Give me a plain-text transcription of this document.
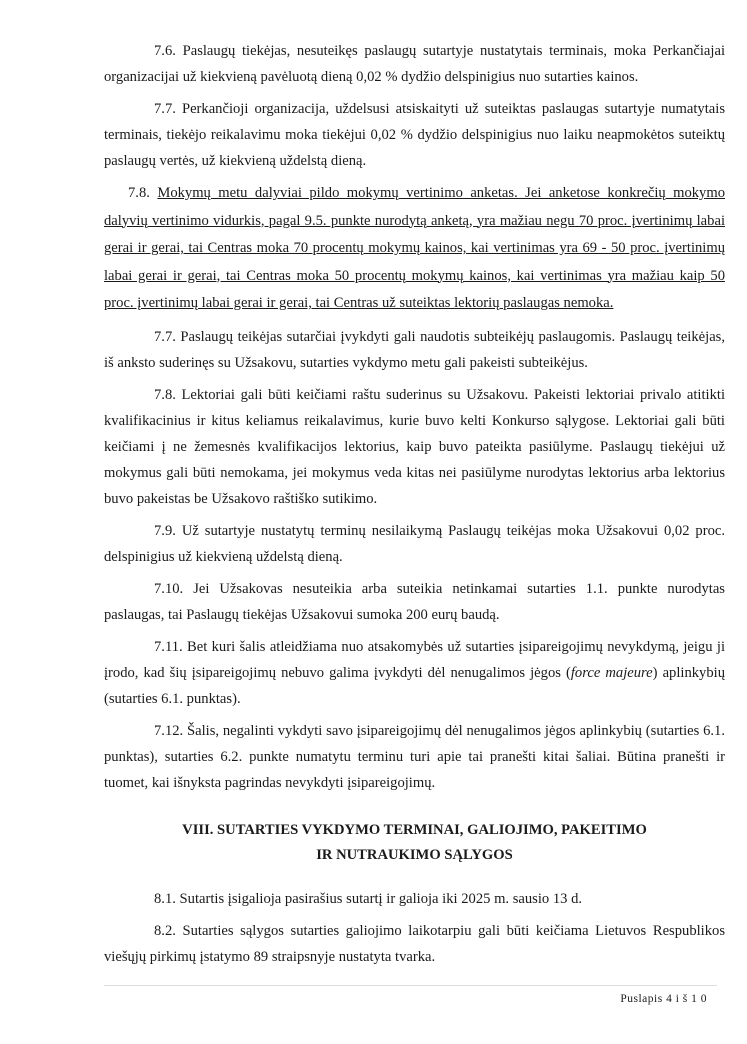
7.6. Paslaugų tiekėjas, nesuteikęs paslaugų sutartyje nustatytais terminais, moka Perkančiajai organizacijai už kiekvieną pavėluotą dieną 0,02 % dydžio delspinigius nuo sutarties kainos.

7.7. Perkančioji organizacija, uždelsusi atsiskaityti už suteiktas paslaugas sutartyje numatytais terminais, tiekėjo reikalavimu moka tiekėjui 0,02 % dydžio delspinigius nuo laiku neapmokėtos suteiktų paslaugų vertės, už kiekvieną uždelstą dieną.

7.8. Mokymų metu dalyviai pildo mokymų vertinimo anketas. Jei anketose konkrečių mokymo dalyvių vertinimo vidurkis, pagal 9.5. punkte nurodytą anketą, yra mažiau negu 70 proc. įvertinimų labai gerai ir gerai, tai Centras moka 70 procentų mokymų kainos, kai vertinimas yra 69 - 50 proc. įvertinimų labai gerai ir gerai, tai Centras moka 50 procentų mokymų kainos, kai vertinimas yra mažiau kaip 50 proc. įvertinimų labai gerai ir gerai, tai Centras už suteiktas lektorių paslaugas nemoka.

7.7. Paslaugų teikėjas sutarčiai įvykdyti gali naudotis subteikėjų paslaugomis. Paslaugų teikėjas, iš anksto suderinęs su Užsakovu, sutarties vykdymo metu gali pakeisti subteikėjus.

7.8. Lektoriai gali būti keičiami raštu suderinus su Užsakovu. Pakeisti lektoriai privalo atitikti kvalifikacinius ir kitus keliamus reikalavimus, kurie buvo kelti Konkurso sąlygose. Lektoriai gali būti keičiami į ne žemesnės kvalifikacijos lektorius, kaip buvo pateikta pasiūlyme. Paslaugų tiekėjui už mokymus gali būti nemokama, jei mokymus veda kitas nei pasiūlyme nurodytas lektorius arba lektorius buvo pakeistas be Užsakovo raštiško sutikimo.

7.9. Už sutartyje nustatytų terminų nesilaikymą Paslaugų teikėjas moka Užsakovui 0,02 proc. delspinigius už kiekvieną uždelstą dieną.

7.10. Jei Užsakovas nesuteikia arba suteikia netinkamai sutarties 1.1. punkte nurodytas paslaugas, tai Paslaugų tiekėjas Užsakovui sumoka 200 eurų baudą.

7.11. Bet kuri šalis atleidžiama nuo atsakomybės už sutarties įsipareigojimų nevykdymą, jeigu ji įrodo, kad šių įsipareigojimų nebuvo galima įvykdyti dėl nenugalimos jėgos (force majeure) aplinkybių (sutarties 6.1. punktas).

7.12. Šalis, negalinti vykdyti savo įsipareigojimų dėl nenugalimos jėgos aplinkybių (sutarties 6.1. punktas), sutarties 6.2. punkte numatytu terminu turi apie tai pranešti kitai šaliai. Būtina pranešti ir tuomet, kai išnyksta pagrindas nevykdyti įsipareigojimų.

VIII. SUTARTIES VYKDYMO TERMINAI, GALIOJIMO, PAKEITIMO
IR NUTRAUKIMO SĄLYGOS

8.1. Sutartis įsigalioja pasirašius sutartį ir galioja iki 2025 m. sausio 13 d.

8.2. Sutarties sąlygos sutarties galiojimo laikotarpiu gali būti keičiama Lietuvos Respublikos viešųjų pirkimų įstatymo 89 straipsnyje nustatyta tvarka.

Puslapis 4 i š 1 0
